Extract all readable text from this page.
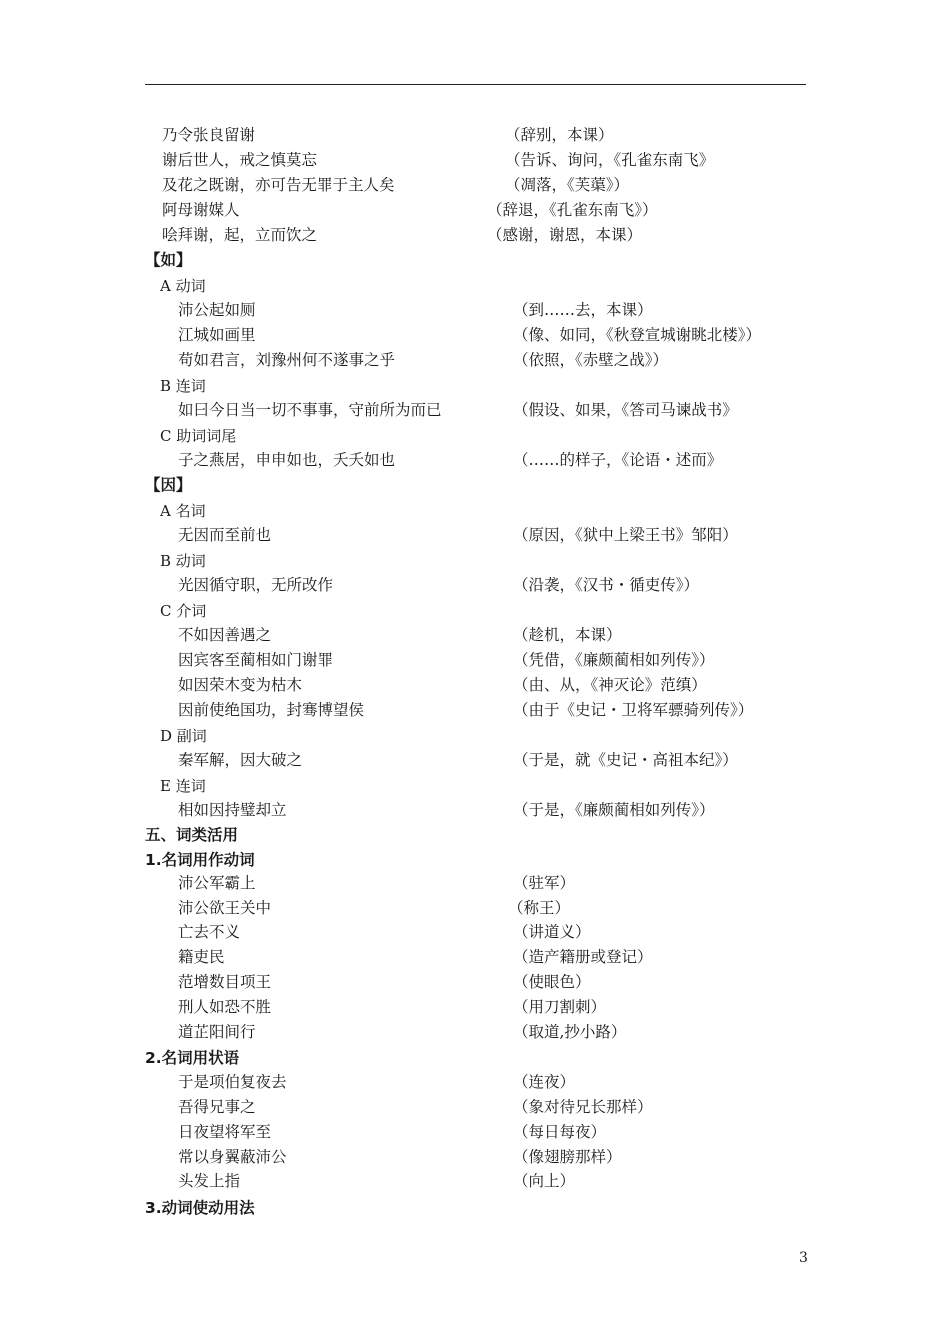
乃令张良留谢	（辞别，本课）
谢后世人，戒之慎莫忘	（告诉、询问，《孔雀东南飞》
及花之既谢，亦可告无罪于主人矣	（凋落，《芙蕖》）
阿母谢媒人	（辞退，《孔雀东南飞》）
哙拜谢，起，立而饮之	（感谢，谢恩，本课）
【如】
A 动词
沛公起如厕	（到……去，本课）
江城如画里	（像、如同，《秋登宣城谢眺北楼》）
苟如君言，刘豫州何不遂事之乎	（依照，《赤壁之战》）
B 连词
如曰今日当一切不事事，守前所为而已	（假设、如果，《答司马谏战书》
C 助词词尾
子之燕居，申申如也，夭夭如也	（……的样子，《论语・述而》
【因】
A 名词
无因而至前也	（原因，《狱中上梁王书》邹阳）
B 动词
光因循守职，无所改作	（沿袭，《汉书・循吏传》）
C 介词
不如因善遇之	（趁机，本课）
因宾客至蔺相如门谢罪	（凭借，《廉颇蔺相如列传》）
如因荣木变为枯木	（由、从，《神灭论》范缜）
因前使绝国功，封骞博望侯	（由于《史记・卫将军骠骑列传》）
D 副词
秦军解，因大破之	（于是，就《史记・高祖本纪》）
E 连词
相如因持璧却立	（于是，《廉颇蔺相如列传》）
五、词类活用
1.名词用作动词
沛公军霸上	（驻军）
沛公欲王关中	（称王）
亡去不义	（讲道义）
籍吏民	（造产籍册或登记）
范增数目项王	（使眼色）
刑人如恐不胜	（用刀割刺）
道芷阳间行	（取道,抄小路）
2.名词用状语
于是项伯复夜去	（连夜）
吾得兄事之	（象对待兄长那样）
日夜望将军至	（每日每夜）
常以身翼蔽沛公	（像翅膀那样）
头发上指	（向上）
3.动词使动用法
3
